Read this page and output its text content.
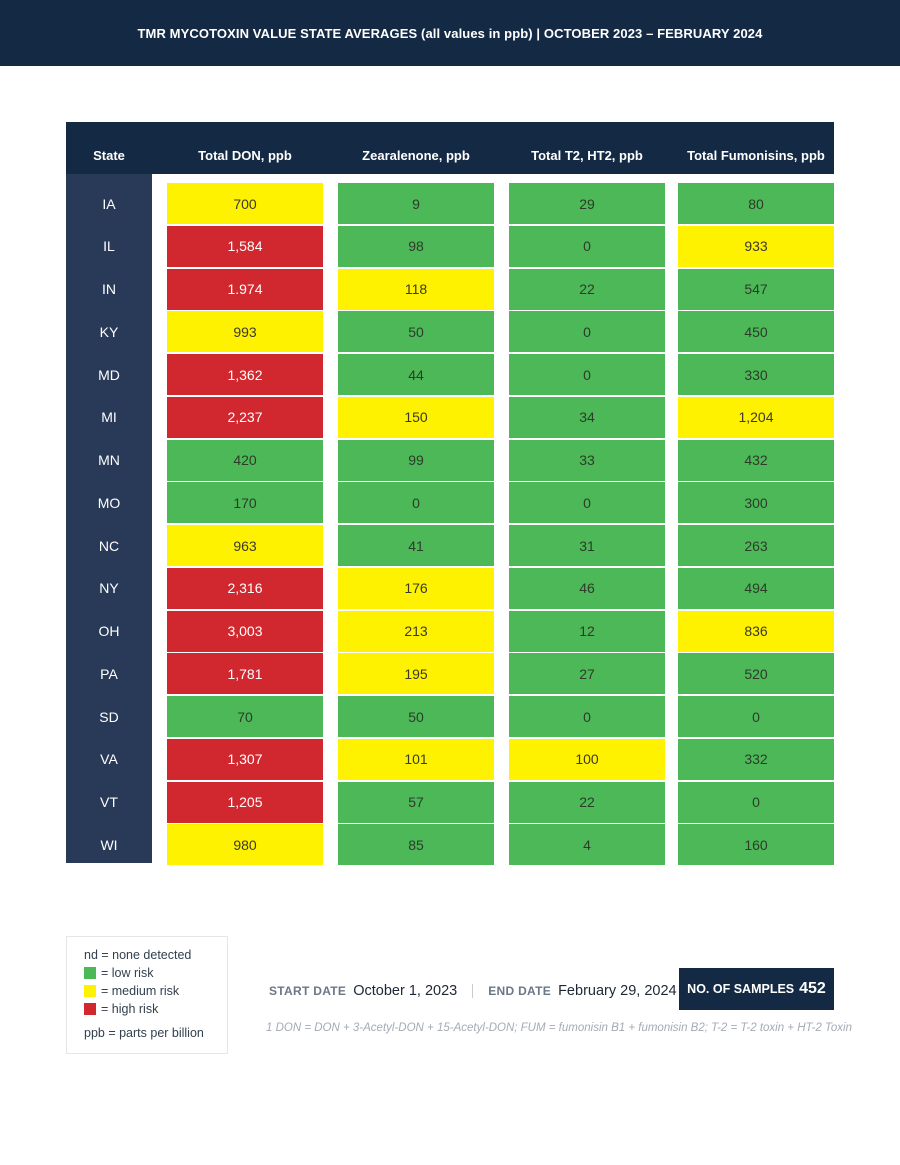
TMR MYCOTOXIN VALUE STATE AVERAGES (all values in ppb) | OCTOBER 2023 – FEBRUARY 2024
State	Total DON, ppb	Zearalenone, ppb	Total T2, HT2, ppb	Total Fumonisins, ppb
IA	700	9	29	80
IL	1,584	98	0	933
IN	1.974	118	22	547
KY	993	50	0	450
MD	1,362	44	0	330
MI	2,237	150	34	1,204
MN	420	99	33	432
MO	170	0	0	300
NC	963	41	31	263
NY	2,316	176	46	494
OH	3,003	213	12	836
PA	1,781	195	27	520
SD	70	50	0	0
VA	1,307	101	100	332
VT	1,205	57	22	0
WI	980	85	4	160
nd = none detected
= low risk
= medium risk
= high risk
ppb = parts per billion
START DATE October 1, 2023	END DATE February 29, 2024 NO. OF SAMPLES 452
1 DON = DON + 3-Acetyl-DON + 15-Acetyl-DON; FUM = fumonisin B1 + fumonisin B2; T-2 = T-2 toxin + HT-2 Toxin
